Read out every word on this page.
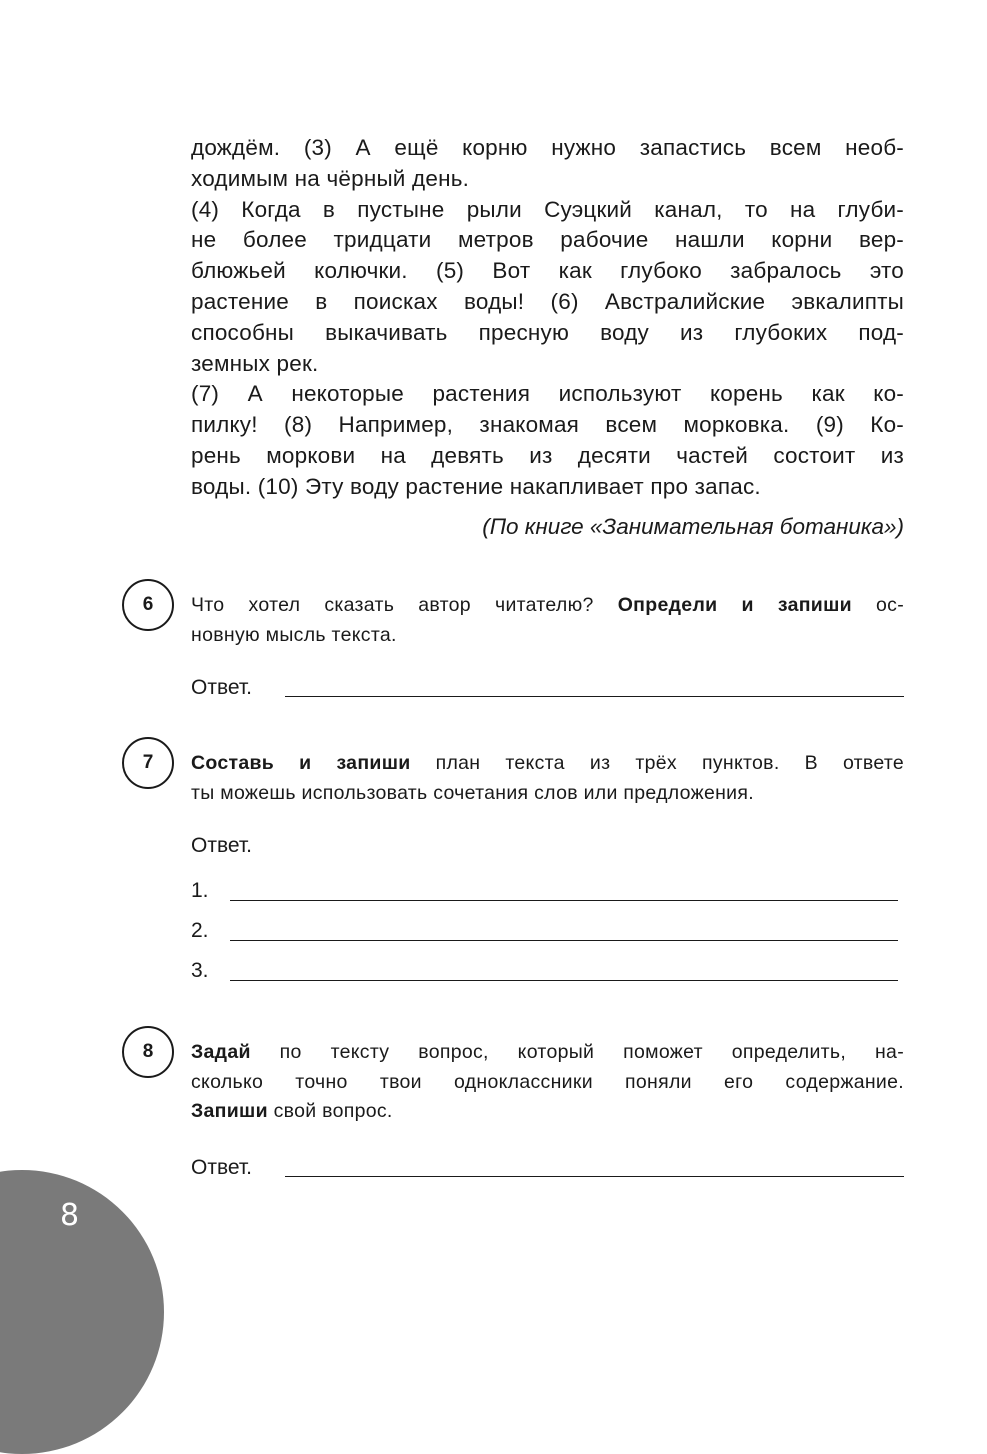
дождём. (3) А ещё корню нужно запастись всем необ-

ходимым на чёрный день.

(4) Когда в пустыне рыли Суэцкий канал, то на глуби-

не более тридцати метров рабочие нашли корни вер-

блюжьей колючки. (5) Вот как глубоко забралось это

растение в поисках воды! (6) Австралийские эвкалипты

способны выкачивать пресную воду из глубоких под-

земных рек.

(7) А некоторые растения используют корень как ко-

пилку! (8) Например, знакомая всем морковка. (9) Ко-

рень моркови на девять из десяти частей состоит из

воды. (10) Эту воду растение накапливает про запас.

(По книге «Занимательная ботаника»)
6	Что хотел сказать автор читателю? Определи и запиши ос-
новную мысль текста.
Ответ.
7	Составь и запиши план текста из трёх пунктов. В ответе
ты можешь использовать сочетания слов или предложения.
Ответ.
1.
2.
3.
8	Задай по тексту вопрос, который поможет определить, на-
сколько точно твои одноклассники поняли его содержание.
Запиши свой вопрос.
Ответ.
8
